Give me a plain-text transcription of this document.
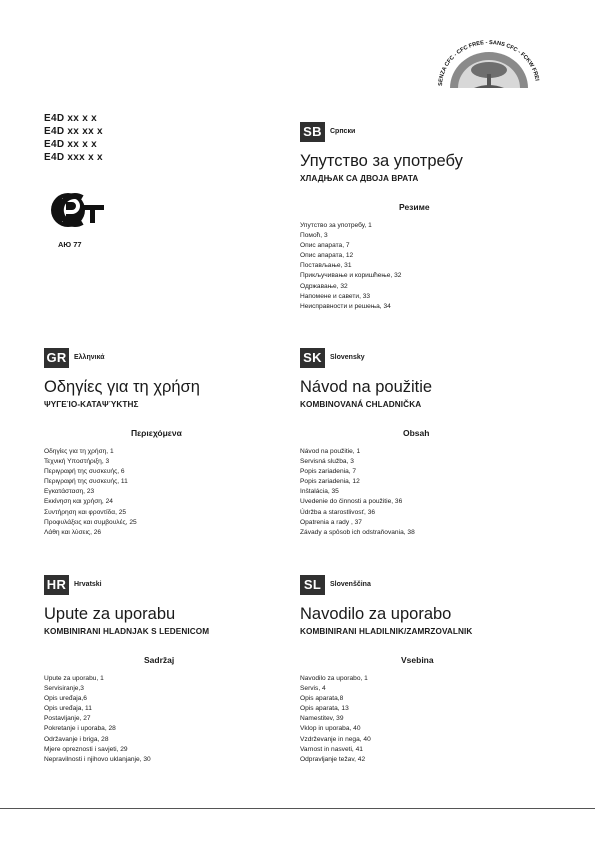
E4D xx x x
E4D xx xx x
E4D xx x x
E4D xxx x x
АЮ 77
SENZA CFC - CFC FREE - SANS CFC - FCKW FREI
SB	Српски
Упутство за употребу
ХЛАДЊАК СА ДВОЈА ВРАТА
Резиме
Упутство за употребу, 1
Помоћ, 3
Опис апарата, 7
Опис апарата, 12
Постављање, 31
Прикључивање и коришћење, 32
Одржавање, 32
Напомене и савети, 33
Неисправности и решења, 34
GR	Ελληνικά
Οδηγίες για τη χρήση
ΨΥΓΕΊΟ-ΚΑΤΑΨΎΚΤΗΣ
Περιεχόμενα
Οδηγίες για τη χρήση, 1
Τεχνική Υποστήριξη, 3
Περιγραφή της συσκευής, 6
Περιγραφή της συσκευής, 11
Εγκατάσταση, 23
Εκκίνηση και χρήση, 24
Συντήρηση και φροντίδα, 25
Προφυλάξεις και συμβουλές, 25
Λάθη και λύσεις, 26
SK	Slovensky
Návod na použitie
KOMBINOVANÁ CHLADNIČKA
Obsah
Návod na použitie, 1
Servisná služba, 3
Popis zariadenia, 7
Popis zariadenia, 12
Inštalácia, 35
Uvedenie do činnosti a použitie, 36
Údržba a starostlivosť, 36
Opatrenia a rady , 37
Závady a spôsob ich odstraňovania, 38
HR	Hrvatski
Upute za uporabu
KOMBINIRANI HLADNJAK S LEDENICOM
Sadržaj
Upute za uporabu, 1
Servisiranje,3
Opis uređaja,6
Opis uređaja, 11
Postavljanje, 27
Pokretanje i uporaba, 28
Održavanje i briga, 28
Mjere opreznosti i savjeti, 29
Nepravilnosti i njihovo uklanjanje, 30
SL	Slovenščina
Navodilo za uporabo
KOMBINIRANI HLADILNIK/ZAMRZOVALNIK
Vsebina
Navodilo za uporabo, 1
Servis, 4
Opis aparata,8
Opis aparata, 13
Namestitev, 39
Vklop in uporaba, 40
Vzdrževanje in nega, 40
Varnost in nasveti, 41
Odpravljanje težav, 42
